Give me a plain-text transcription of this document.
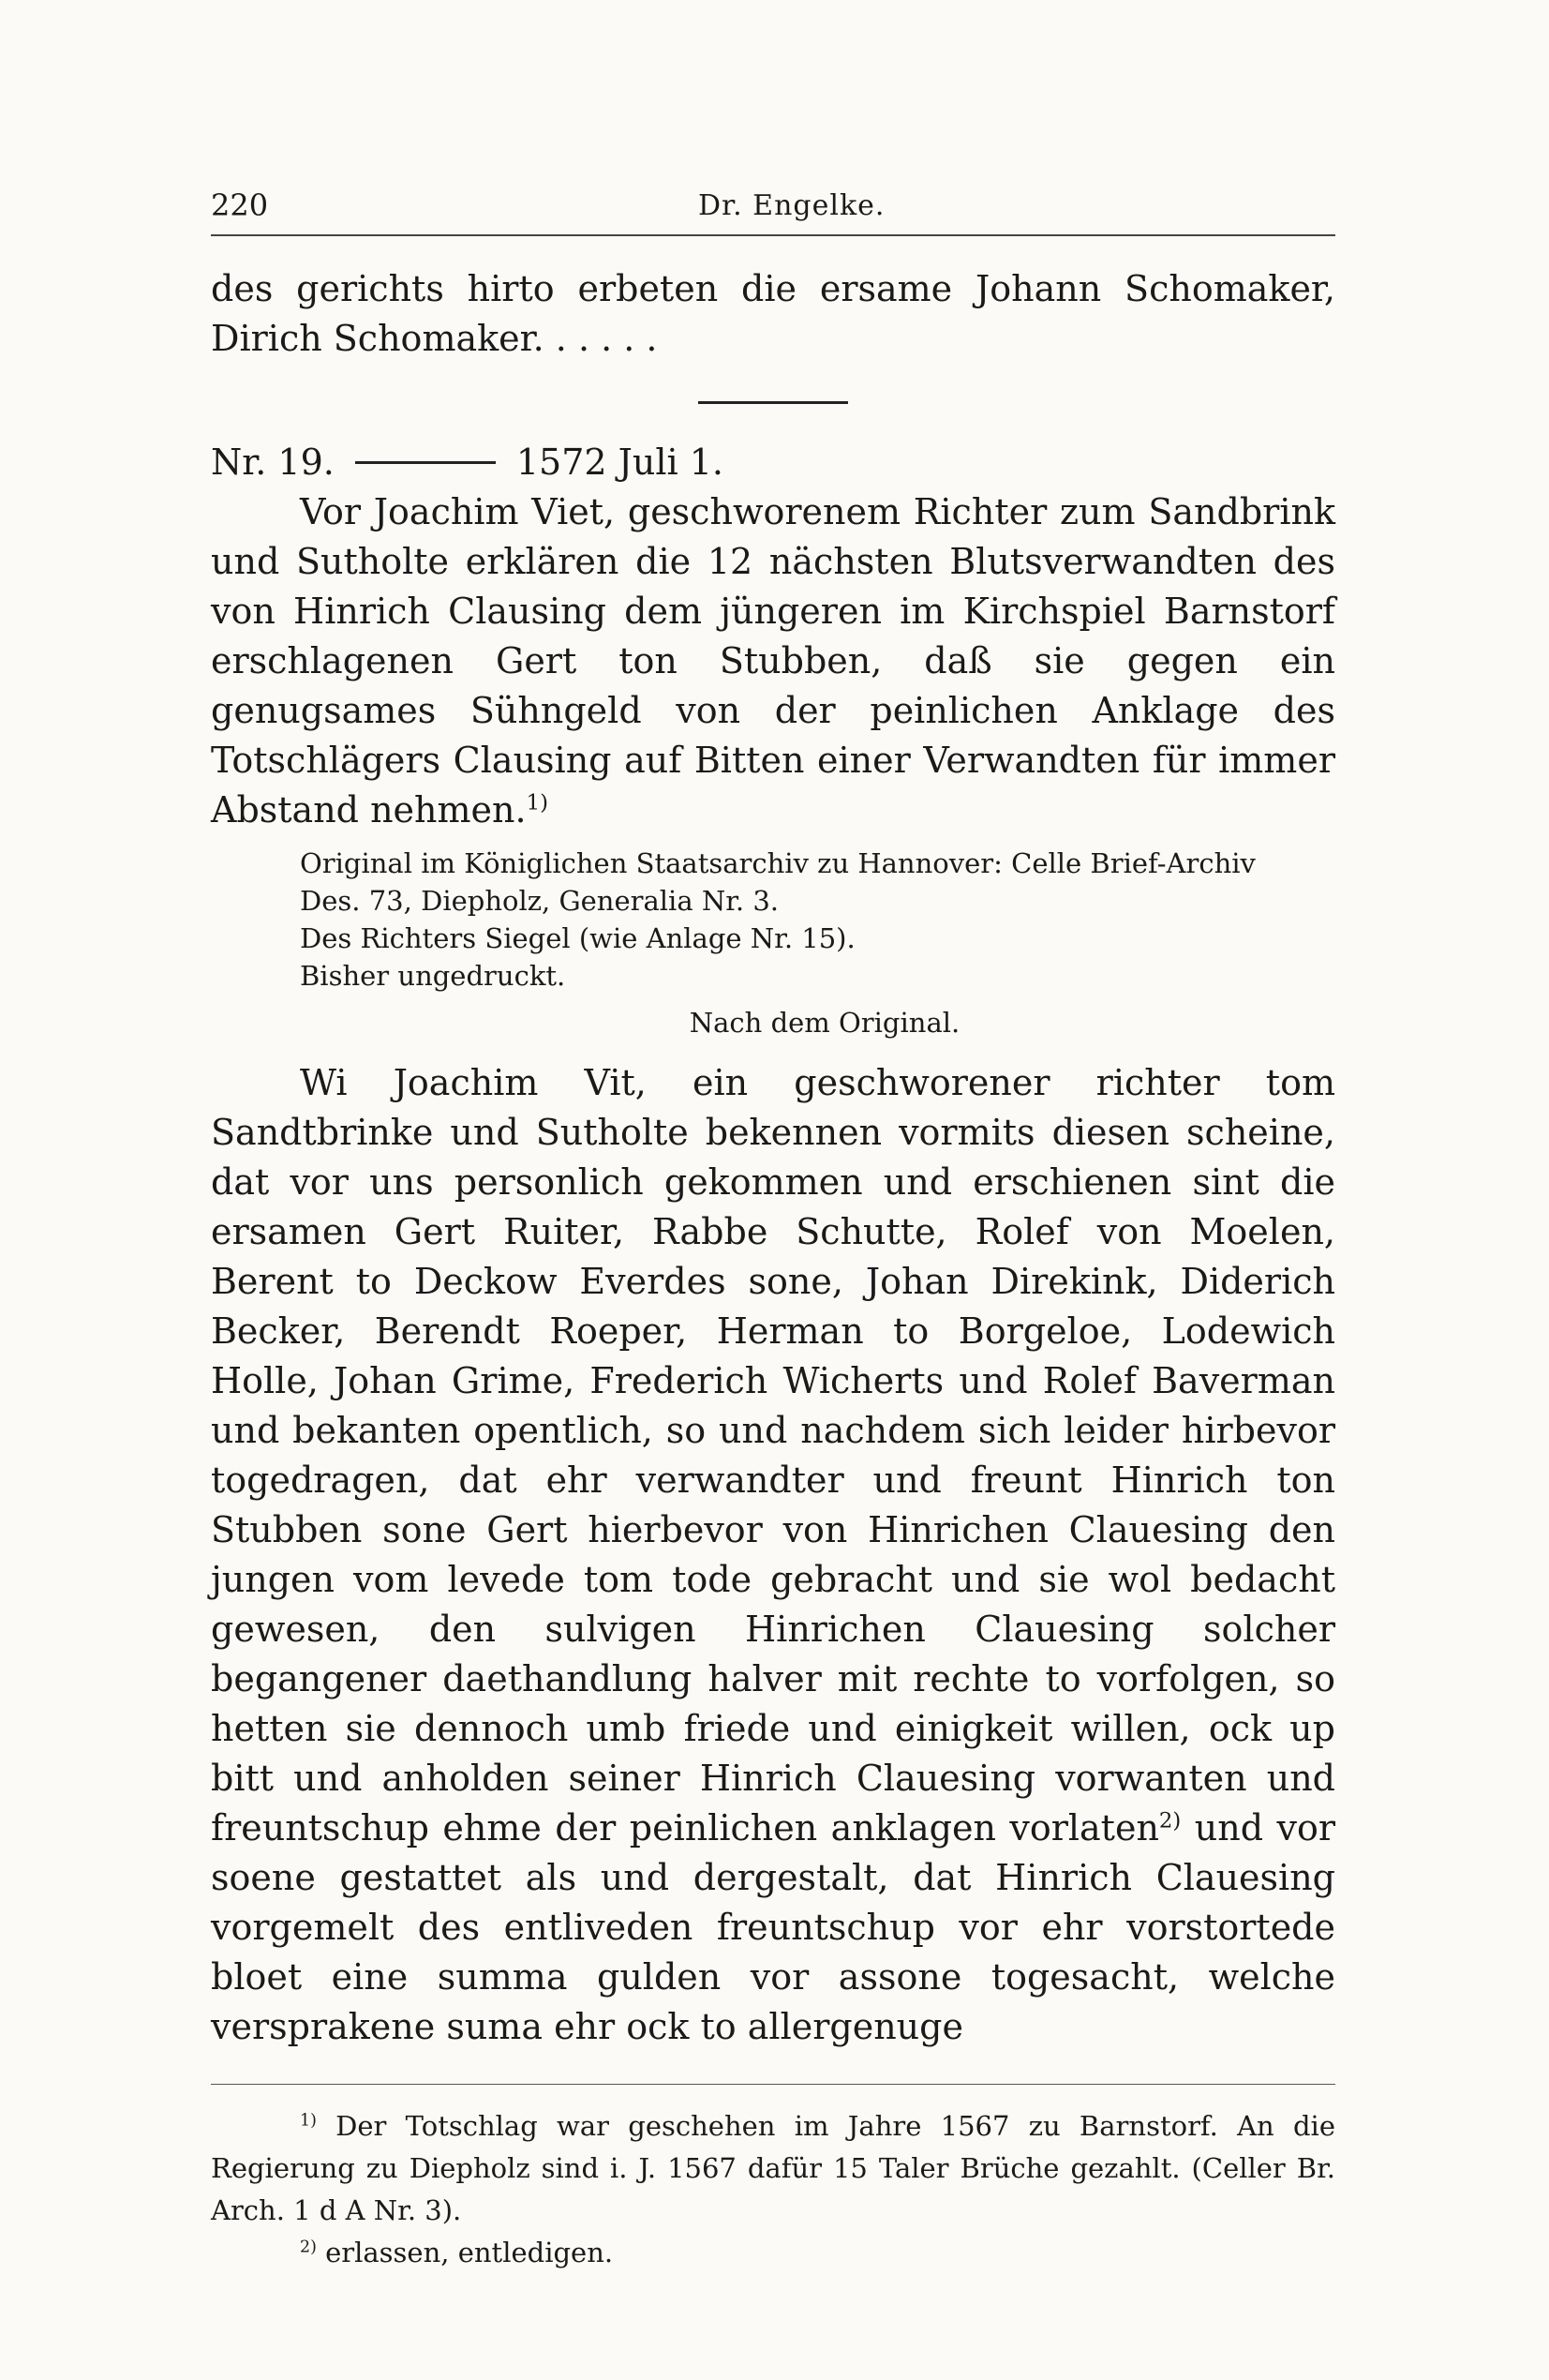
220	Dr. Engelke.

des gerichts hirto erbeten die ersame Johann Schomaker, Dirich Schomaker. . . . . .

Nr. 19.	1572 Juli 1.

Vor Joachim Viet, geschworenem Richter zum Sandbrink und Sutholte erklären die 12 nächsten Blutsverwandten des von Hinrich Clausing dem jüngeren im Kirchspiel Barnstorf erschlagenen Gert ton Stubben, daß sie gegen ein genugsames Sühngeld von der peinlichen Anklage des Totschlägers Clausing auf Bitten einer Verwandten für immer Abstand nehmen.$^{1)}$

Original im Königlichen Staatsarchiv zu Hannover: Celle Brief-Archiv

Des. 73, Diepholz, Generalia Nr. 3.

Des Richters Siegel (wie Anlage Nr. 15).

Bisher ungedruckt.

Nach dem Original.

Wi Joachim Vit, ein geschworener richter tom Sandtbrinke und Sutholte bekennen vormits diesen scheine, dat vor uns personlich gekommen und erschienen sint die ersamen Gert Ruiter, Rabbe Schutte, Rolef von Moelen, Berent to Deckow Everdes sone, Johan Direkink, Diderich Becker, Berendt Roeper, Herman to Borgeloe, Lodewich Holle, Johan Grime, Frederich Wicherts und Rolef Baverman und bekanten opentlich, so und nachdem sich leider hirbevor togedragen, dat ehr verwandter und freunt Hinrich ton Stubben sone Gert hierbevor von Hinrichen Clauesing den jungen vom levede tom tode gebracht und sie wol bedacht gewesen, den sulvigen Hinrichen Clauesing solcher begangener daethandlung halver mit rechte to vorfolgen, so hetten sie dennoch umb friede und einigkeit willen, ock up bitt und anholden seiner Hinrich Clauesing vorwanten und freuntschup ehme der peinlichen anklagen vorlaten$^{2)}$ und vor soene gestattet als und dergestalt, dat Hinrich Clauesing vorgemelt des entliveden freuntschup vor ehr vorstortede bloet eine summa gulden vor assone togesacht, welche versprakene suma ehr ock to allergenuge

$^{1)}$ Der Totschlag war geschehen im Jahre 1567 zu Barnstorf. An die Regierung zu Diepholz sind i. J. 1567 dafür 15 Taler Brüche gezahlt. (Celler Br. Arch. 1 d A Nr. 3).

$^{2)}$ erlassen, entledigen.
